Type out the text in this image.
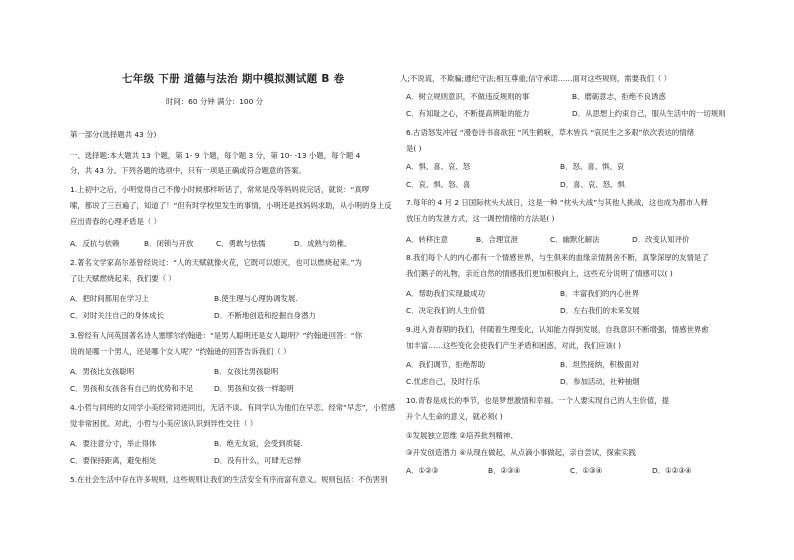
七年级 下册 道德与法治 期中模拟测试题 B 卷
时间：60 分钟 满分：100 分
第一部分(选择题共 43 分)
一、选择题:本大题共 13 个题，第 1- 9 个题，每个题 3 分，第 10- -13 小题，每个题 4
分，共 43 分。下列各题的选项中，只有一项是正确或符合题意的答案。
1.上初中之后，小明觉得自己不像小时候那样听话了，常常是没等妈妈说完话，就说：“真啰
嗦，都说了三百遍了，知道了！”但有时学校里发生的事情，小明还是找妈妈求助，从小明的身上反
应出青春的心理矛盾是（ ）
A．反抗与依赖	B．闭锁与开放	C．勇敢与怯懦	D．成熟与幼稚。
2.著名文学家高尔基曾经说过：“人的天赋就像火花，它既可以熄灭，也可以燃烧起来。”为
了让天赋燃烧起来，我们要（ ）
A．把时间都用在学习上	B.使生理与心理协调发展.
C．对时关注自己的身体成长	D．不断地创造和挖掘自身潜力
3.曾经有人问英国著名诗人塞缪尔约翰逊：“是男人聪明还是女人聪明？”约翰逊回答：“你
说的是哪一个男人，还是哪个女人呢？”约翰逊的回答告诉我们（ ）
A．男孩比女孩聪明	B．女孩比男孩聪明
C．男孩和女孩各有自己的优势和不足	D．男孩和女孩一样聪明
4.小哲与同班的女同学小美经常同进同出，无话不谈。有同学认为他们在早恋，经常“早恋”，小哲感
觉非常困扰。对此，小哲与小美应该认识到异性交往（ ）
A．要注意分寸，举止得体	B．绝无友谊，会受到质疑.
C．要保持距离，避免相处	D．没有什么，可肆无忌惮
5.在社会生活中存在许多规则，这些规则让我们的生活安全有序而富有意义。规则包括：不伤害别
人;不说谎，不欺骗;遵纪守法;相互尊重;信守承诺……面对这些规则，需要我们（ ）
A．树立规则意识，不做违反规则的事	B．磨砺意志，拒绝不良诱惑
C．有知耻之心，不断提高辨耻的能力	D．从思想上约束自己，服从生活中的一切规则
6.古语怒发冲冠 “漫卷诗书喜欲狂 “风生鹤唳，草木皆兵 “哀民生之多艰”依次表达的情绪
是( )
A．惧、喜、哀、怒	B．怒、喜、惧、哀
C．哀、惧、怒、喜	D．喜、哀、怒、惧
7.每年的 4 月 2 日国际枕头大战日，这是一种 “枕头大战”与其他人挑战，这也成为都市人释
放压力的发泄方式，这一调控情绪的方法是( )
A．转移注意	B．合理宣泄	C．幽默化解法	D．改变认知评价
8.我们每个人的内心都有一个情感世界，与生俱来的血缘亲情割舍不断，真挚深厚的友情是了
我们鹅子的礼物，亲近自然的情感我们更加积极向上，这些充分说明了情感可以( )
A．帮助我们实现最成功	B．丰富我们的内心世界
C．决定我们的人生价值	D．左右我们的未来发展
9.进入青春期的我们，伴随着生理变化，认知能力得到发展，自我意识不断增强，情感世界愈
加丰富……这些变化会使我们产生矛盾和困惑，对此，我们应该( )
A．我们调节，拒绝帮助	B．坦然接纳，积极面对
C.忧虑自己，及时行乐	D．参加活动，社种抽烟
10.青春是成长的季节，也是梦想激情和幸福。一个人要实现自己的人生价值，提
升个人生命的意义，就必须( )
①发展独立思维 ②培养批判精神、
③开发创造潜力 ④从现在做起，从点滴小事做起，亲自尝试，探索实践
A．①②③	B．②③④	C．①③④	D．①②③④
